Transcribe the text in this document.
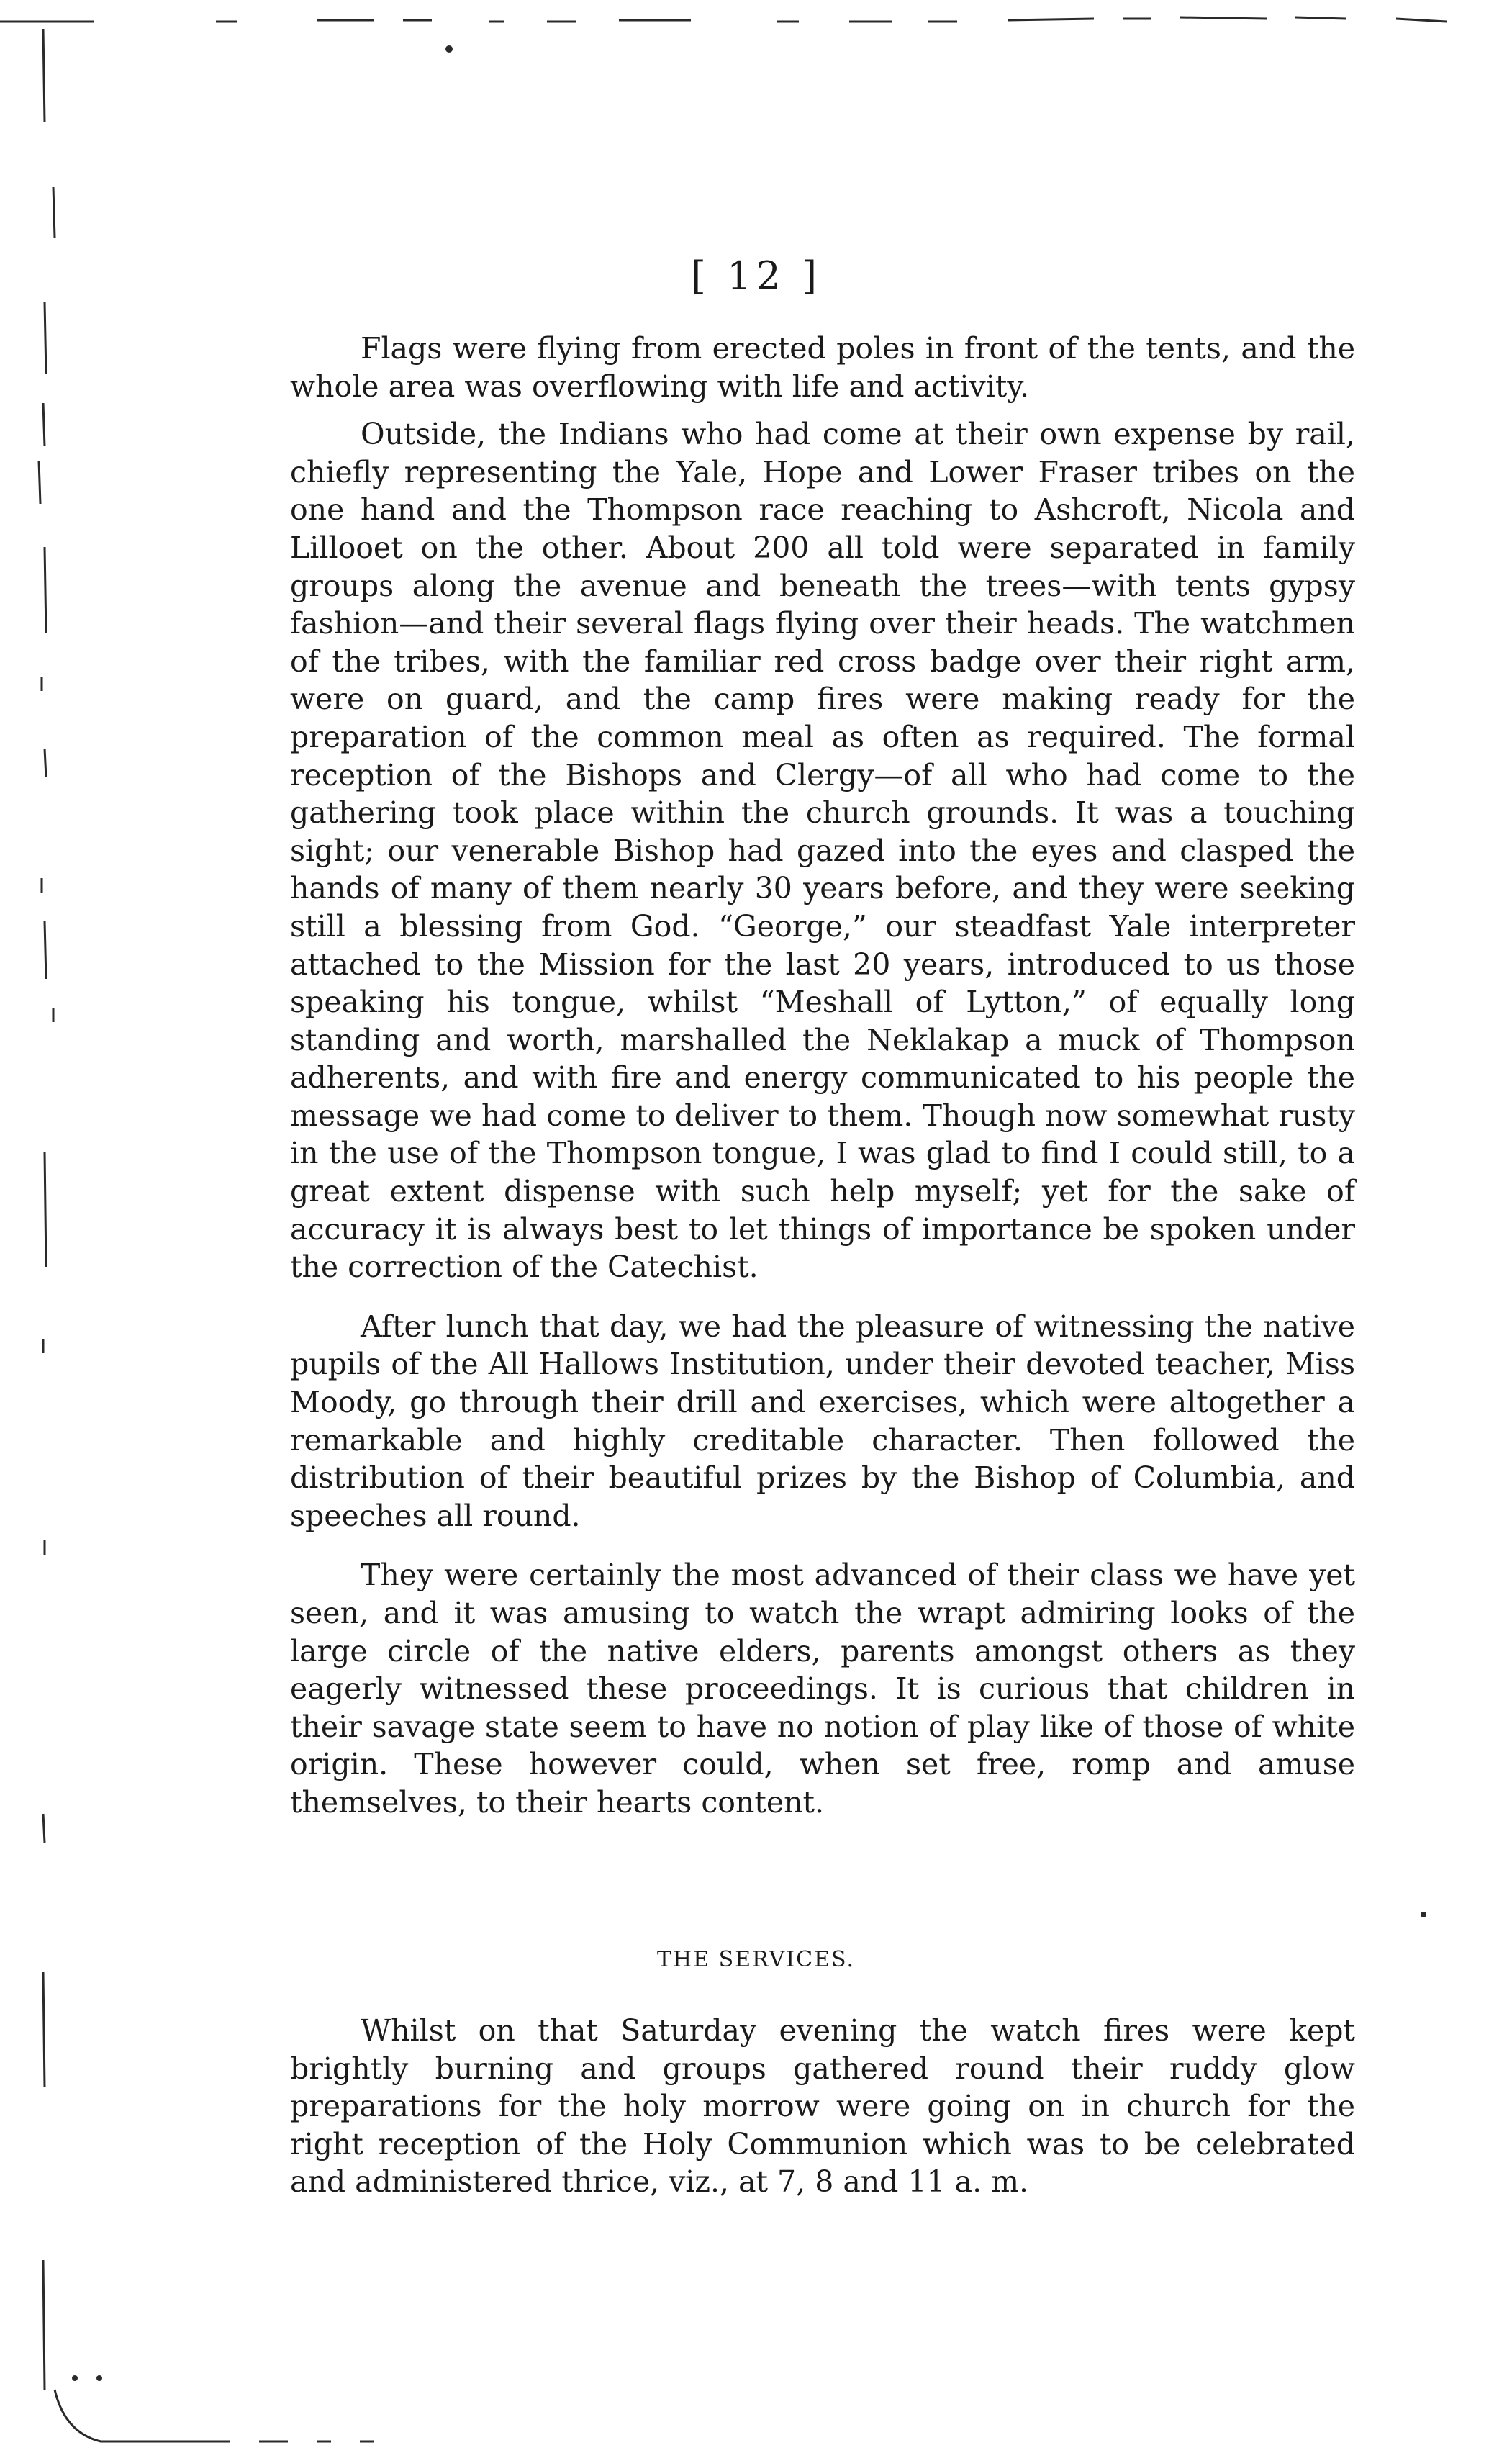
[ 12 ]

Flags were flying from erected poles in front of the tents, and the whole area was overflowing with life and activity.

Outside, the Indians who had come at their own expense by rail, chiefly representing the Yale, Hope and Lower Fraser tribes on the one hand and the Thompson race reaching to Ashcroft, Nicola and Lillooet on the other. About 200 all told were separated in family groups along the avenue and beneath the trees—with tents gypsy fashion—and their several flags flying over their heads. The watchmen of the tribes, with the familiar red cross badge over their right arm, were on guard, and the camp fires were making ready for the preparation of the common meal as often as required. The formal reception of the Bishops and Clergy—of all who had come to the gathering took place within the church grounds. It was a touching sight; our venerable Bishop had gazed into the eyes and clasped the hands of many of them nearly 30 years before, and they were seeking still a blessing from God. “George,” our steadfast Yale interpreter attached to the Mission for the last 20 years, introduced to us those speaking his tongue, whilst “Meshall of Lytton,” of equally long standing and worth, marshalled the Neklakap a muck of Thompson adherents, and with fire and energy communicated to his people the message we had come to deliver to them. Though now somewhat rusty in the use of the Thompson tongue, I was glad to find I could still, to a great extent dispense with such help myself; yet for the sake of accuracy it is always best to let things of importance be spoken under the correction of the Catechist.

After lunch that day, we had the pleasure of witnessing the native pupils of the All Hallows Institution, under their devoted teacher, Miss Moody, go through their drill and exercises, which were altogether a remarkable and highly creditable character. Then followed the distribution of their beautiful prizes by the Bishop of Columbia, and speeches all round.

They were certainly the most advanced of their class we have yet seen, and it was amusing to watch the wrapt admiring looks of the large circle of the native elders, parents amongst others as they eagerly witnessed these proceedings. It is curious that children in their savage state seem to have no notion of play like of those of white origin. These however could, when set free, romp and amuse themselves, to their hearts content.

THE SERVICES.

Whilst on that Saturday evening the watch fires were kept brightly burning and groups gathered round their ruddy glow preparations for the holy morrow were going on in church for the right reception of the Holy Communion which was to be celebrated and administered thrice, viz., at 7, 8 and 11 a. m.
